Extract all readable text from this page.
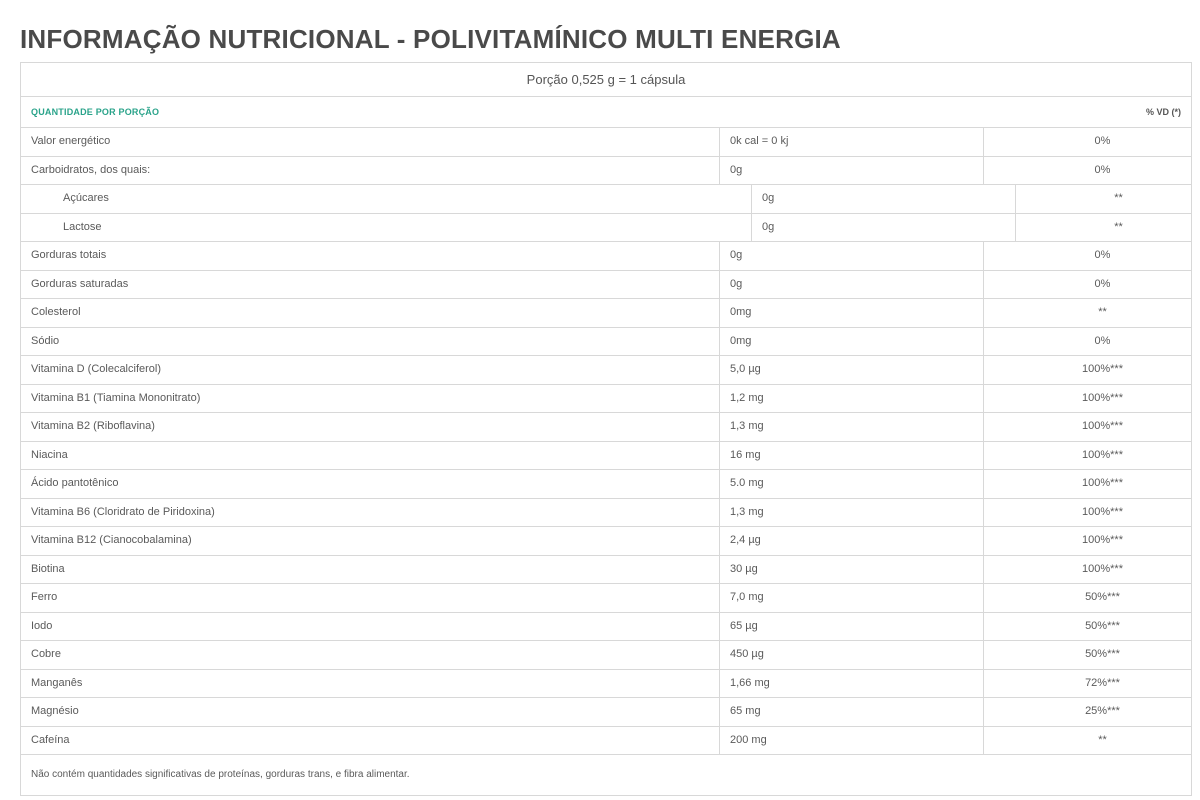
INFORMAÇÃO NUTRICIONAL - POLIVITAMÍNICO MULTI ENERGIA
Porção 0,525 g = 1 cápsula
QUANTIDADE POR PORÇÃO	% VD (*)
Valor energético	0k cal = 0 kj	0%
Carboidratos, dos quais:	0g	0%
Açúcares	0g	**
Lactose	0g	**
Gorduras totais	0g	0%
Gorduras saturadas	0g	0%
Colesterol	0mg	**
Sódio	0mg	0%
Vitamina D (Colecalciferol)	5,0 µg	100%***
Vitamina B1 (Tiamina Mononitrato)	1,2 mg	100%***
Vitamina B2 (Riboflavina)	1,3 mg	100%***
Niacina	16 mg	100%***
Ácido pantotênico	5.0 mg	100%***
Vitamina B6 (Cloridrato de Piridoxina)	1,3 mg	100%***
Vitamina B12 (Cianocobalamina)	2,4 µg	100%***
Biotina	30 µg	100%***
Ferro	7,0 mg	50%***
Iodo	65 µg	50%***
Cobre	450 µg	50%***
Manganês	1,66 mg	72%***
Magnésio	65 mg	25%***
Cafeína	200 mg	**
Não contém quantidades significativas de proteínas, gorduras trans, e fibra alimentar.
